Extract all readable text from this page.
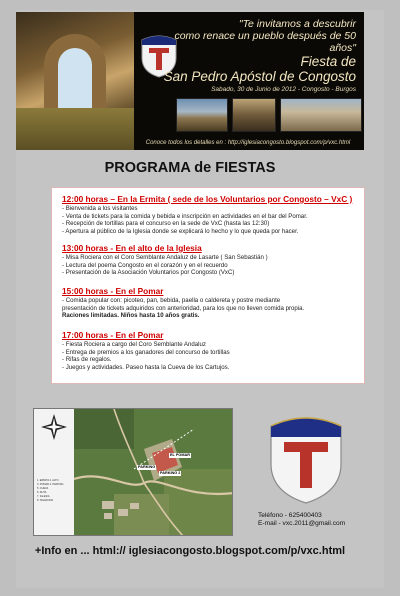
"Te invitamos a descubrir
como renace un pueblo después de 50 años"
Fiesta de
San Pedro Apóstol de Congosto
Sabado, 30 de Junio de 2012 - Congosto - Burgos
Conoce todos los detalles en : http://iglesiacongosto.blogspot.com/p/vxc.html
PROGRAMA de FIESTAS
12:00 horas – En la Ermita ( sede de los Voluntarios por Congosto – VxC )
- Bienvenida a los visitantes
- Venta de tickets para la comida y bebida e inscripción en actividades en el bar del Pomar.
- Recepción de tortillas para el concurso en la sede de VxC (hasta las 12:30)
- Apertura al público de la Iglesia donde se explicará lo hecho y lo que queda por hacer.
13:00 horas - En el alto de la Iglesia
- Misa Rociera con el Coro Semblante Andaluz de Lasarte ( San Sebastián )
- Lectura del poema Congosto en el corazón y en el recuerdo
- Presentación de la Asociación Voluntarios por Congosto (VxC)
15:00 horas - En el Pomar
- Comida popular con: picoteo, pan, bebida, paella o caldereta y postre mediante
presentación de tickets adquiridos con anterioridad, para los que no lleven comida propia.

Raciones limitadas. Niños hasta 10 años gratis.

17:00 horas - En el Pomar
- Fiesta Rociera a cargo del Coro Semblante Andaluz
- Entrega de premios a los ganadores del concurso de tortillas
- Rifas de regalos.
- Juegos y actividades. Paseo hasta la Cueva de los Cartujos.
1. ERMITA 2. ALTO
3. POMAR 4. PARKING
5. CUEVA
6. RUTA
7. IGLESIA
8. TELEFONO
PARKING
EL POMAR
PARKING 2
Teléfono - 625400403
E-mail - vxc.2011@gmail.com
+Info en ... html:// iglesiacongosto.blogspot.com/p/vxc.html
